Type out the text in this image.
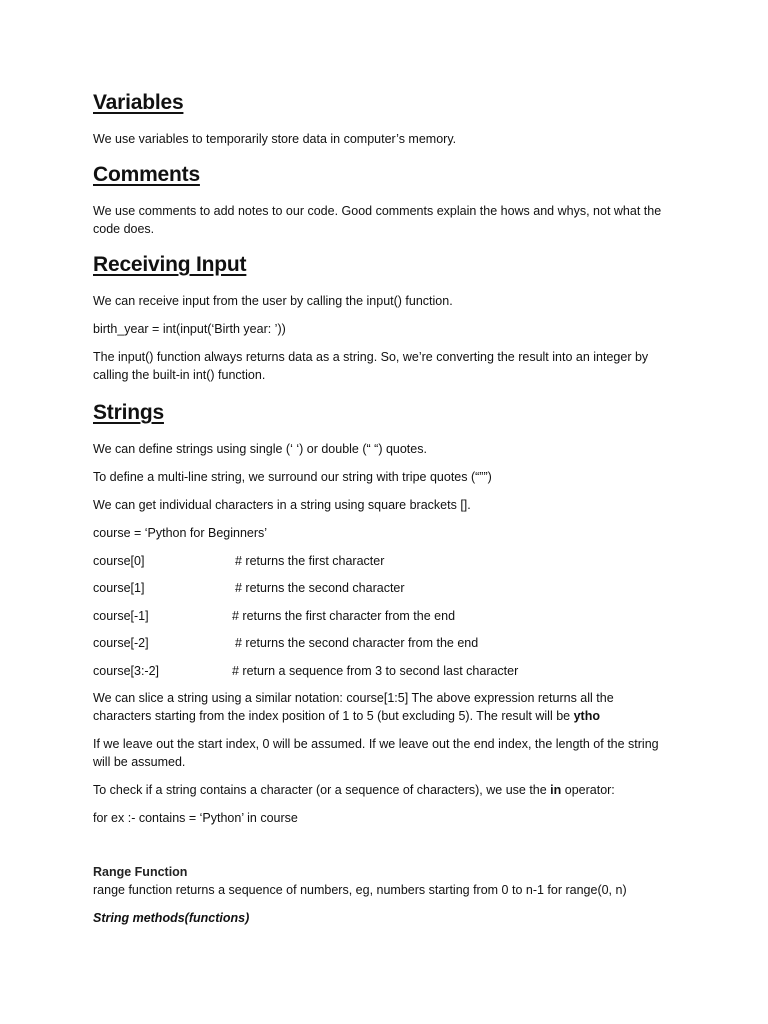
Variables

We use variables to temporarily store data in computer’s memory.

Comments

We use comments to add notes to our code. Good comments explain the hows and whys, not what the code does.

Receiving Input

We can receive input from the user by calling the input() function.

birth_year = int(input(‘Birth year: ’))

The input() function always returns data as a string. So, we’re converting the result into an integer by calling the built-in int() function.

Strings

We can define strings using single (‘ ‘) or double (“ “) quotes.

To define a multi-line string, we surround our string with tripe quotes (“””)

We can get individual characters in a string using square brackets [].

course = ‘Python for Beginners’

course[0]	# returns the first character
course[1]	# returns the second character
course[-1]	# returns the first character from the end
course[-2]	# returns the second character from the end
course[3:-2]	# return a sequence from 3 to second last character

We can slice a string using a similar notation: course[1:5] The above expression returns all the characters starting from the index position of 1 to 5 (but excluding 5). The result will be ytho

If we leave out the start index, 0 will be assumed. If we leave out the end index, the length of the string will be assumed.

To check if a string contains a character (or a sequence of characters), we use the in operator:

for ex :- contains = ‘Python’ in course

Range Function

range function returns a sequence of numbers, eg, numbers starting from 0 to n-1 for range(0, n)

String methods(functions)
